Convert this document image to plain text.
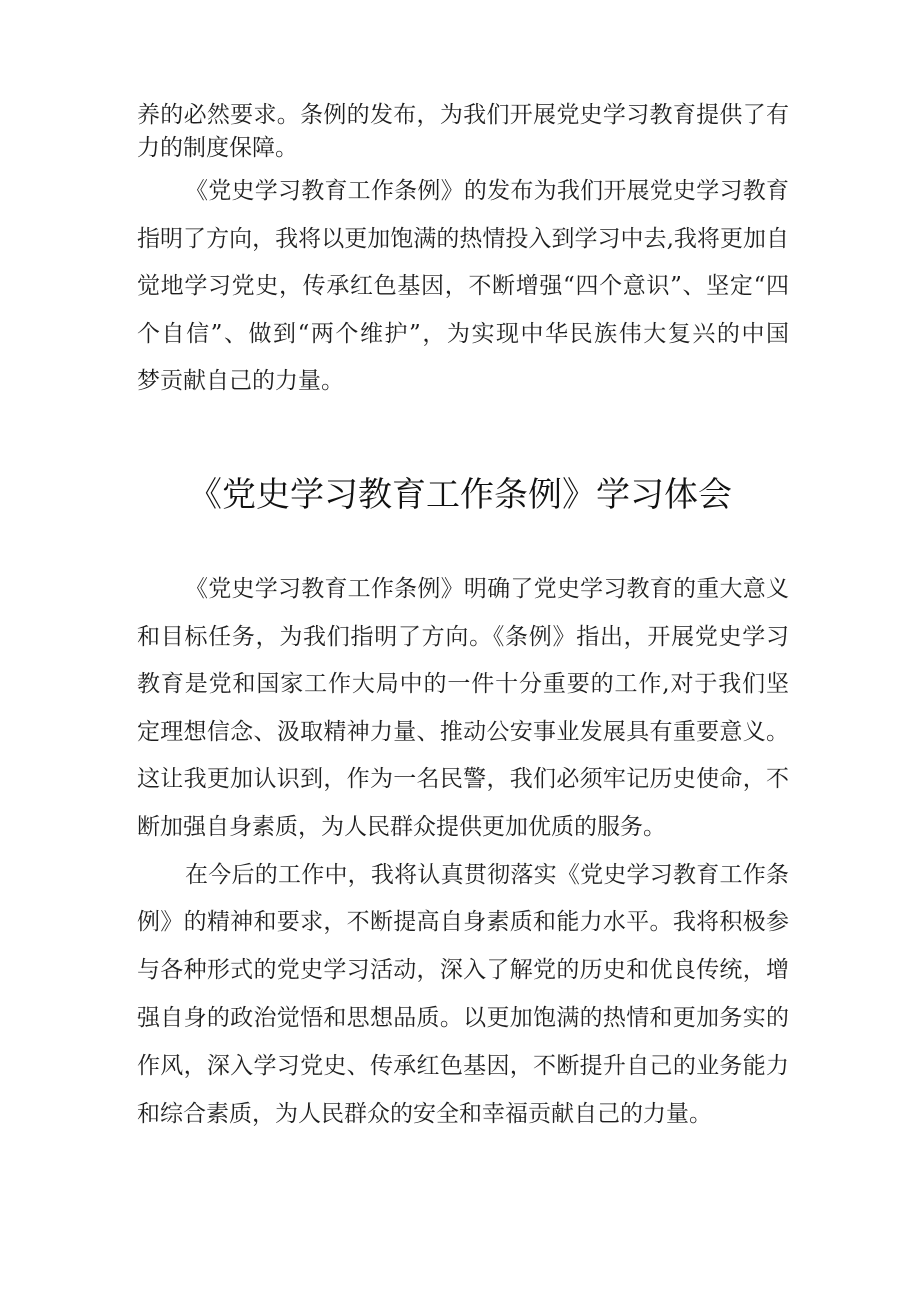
养的必然要求。条例的发布，为我们开展党史学习教育提供了有

力的制度保障。

《党史学习教育工作条例》的发布为我们开展党史学习教育

指明了方向，我将以更加饱满的热情投入到学习中去,我将更加自

觉地学习党史，传承红色基因，不断增强“四个意识”、坚定“四

个自信”、做到“两个维护”，为实现中华民族伟大复兴的中国

梦贡献自己的力量。

《党史学习教育工作条例》学习体会

《党史学习教育工作条例》明确了党史学习教育的重大意义

和目标任务，为我们指明了方向。《条例》指出，开展党史学习

教育是党和国家工作大局中的一件十分重要的工作,对于我们坚

定理想信念、汲取精神力量、推动公安事业发展具有重要意义。

这让我更加认识到，作为一名民警，我们必须牢记历史使命，不

断加强自身素质，为人民群众提供更加优质的服务。

在今后的工作中，我将认真贯彻落实《党史学习教育工作条

例》的精神和要求，不断提高自身素质和能力水平。我将积极参

与各种形式的党史学习活动，深入了解党的历史和优良传统，增

强自身的政治觉悟和思想品质。以更加饱满的热情和更加务实的

作风，深入学习党史、传承红色基因，不断提升自己的业务能力

和综合素质，为人民群众的安全和幸福贡献自己的力量。
